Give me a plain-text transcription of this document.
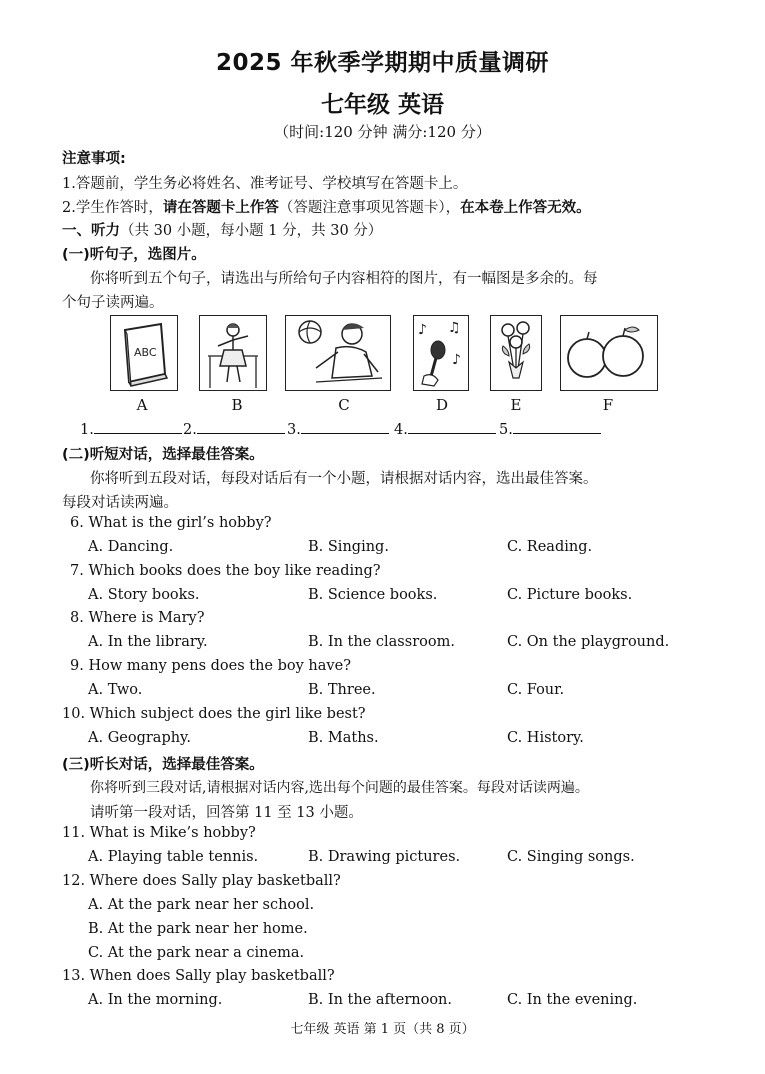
2025 年秋季学期期中质量调研
七年级 英语
（时间:120 分钟 满分:120 分）
注意事项:
1.答题前，学生务必将姓名、准考证号、学校填写在答题卡上。
2.学生作答时，请在答题卡上作答（答题注意事项见答题卡），在本卷上作答无效。
一、听力（共 30 小题，每小题 1 分，共 30 分）
(一)听句子，选图片。
你将听到五个句子，请选出与所给句子内容相符的图片，有一幅图是多余的。每
个句子读两遍。
ABC
♪ ♫
♪
A	B	C	D	E	F
1.	2.	3.	4.	5.
(二)听短对话，选择最佳答案。
你将听到五段对话，每段对话后有一个小题，请根据对话内容，选出最佳答案。
每段对话读两遍。
6. What is the girl’s hobby?
A. Dancing.	B. Singing.	C. Reading.
7. Which books does the boy like reading?
A. Story books.	B. Science books.	C. Picture books.
8. Where is Mary?
A. In the library.	B. In the classroom.	C. On the playground.
9. How many pens does the boy have?
A. Two.	B. Three.	C. Four.
10. Which subject does the girl like best?
A. Geography.	B. Maths.	C. History.
(三)听长对话，选择最佳答案。
你将听到三段对话,请根据对话内容,选出每个问题的最佳答案。每段对话读两遍。
请听第一段对话，回答第 11 至 13 小题。
11. What is Mike’s hobby?
A. Playing table tennis.	B. Drawing pictures.	C. Singing songs.
12. Where does Sally play basketball?
A. At the park near her school.
B. At the park near her home.
C. At the park near a cinema.
13. When does Sally play basketball?
A. In the morning.	B. In the afternoon.	C. In the evening.
七年级 英语 第 1 页（共 8 页）
